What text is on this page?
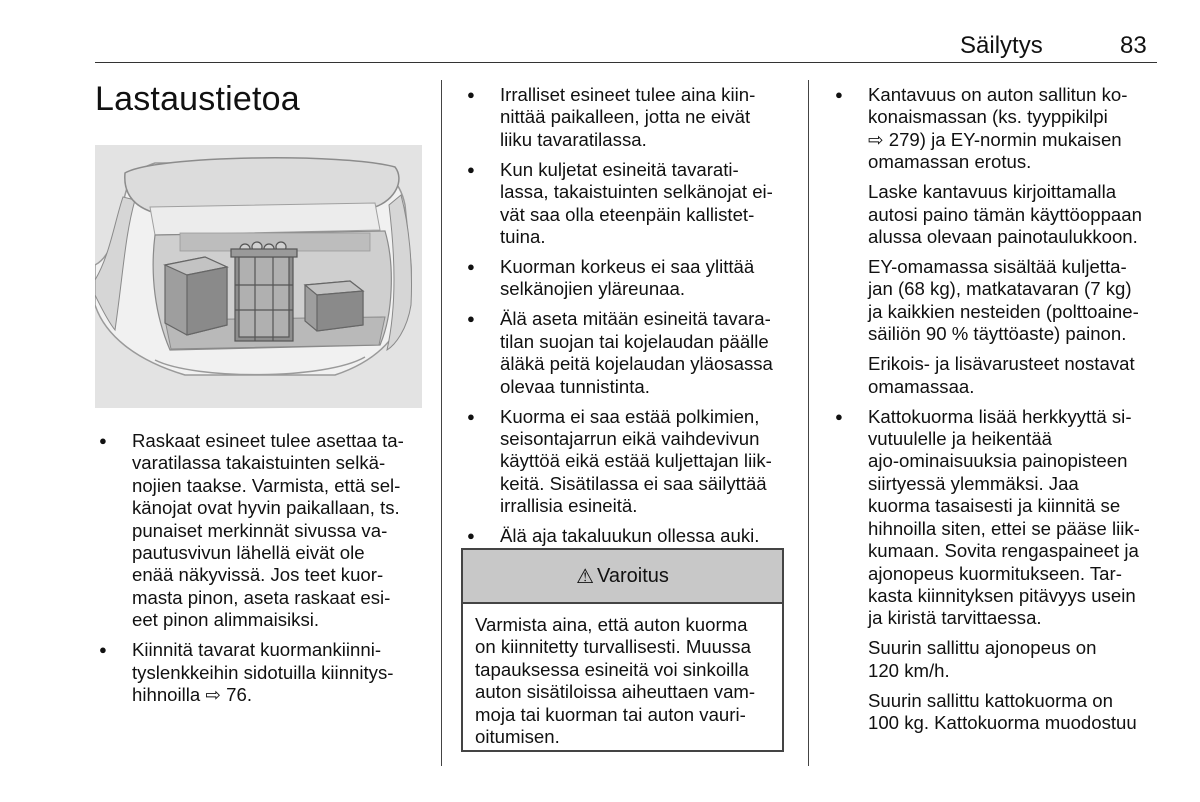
Säilytys	83
Lastaustietoa
● Raskaat esineet tulee asettaa ta-
varatilassa takaistuinten selkä-
nojien taakse. Varmista, että sel-
känojat ovat hyvin paikallaan, ts.
punaiset merkinnät sivussa va-
pautusvivun lähellä eivät ole
enää näkyvissä. Jos teet kuor-
masta pinon, aseta raskaat esi-
eet pinon alimmaisiksi.
● Kiinnitä tavarat kuormankiinni-
tyslenkkeihin sidotuilla kiinnitys-
hihnoilla ⇨ 76.
● Irralliset esineet tulee aina kiin-
nittää paikalleen, jotta ne eivät
liiku tavaratilassa.
● Kun kuljetat esineitä tavarati-
lassa, takaistuinten selkänojat ei-
vät saa olla eteenpäin kallistet-
tuina.
● Kuorman korkeus ei saa ylittää
selkänojien yläreunaa.
● Älä aseta mitään esineitä tavara-
tilan suojan tai kojelaudan päälle
äläkä peitä kojelaudan yläosassa
olevaa tunnistinta.
● Kuorma ei saa estää polkimien,
seisontajarrun eikä vaihdevivun
käyttöä eikä estää kuljettajan liik-
keitä. Sisätilassa ei saa säilyttää
irrallisia esineitä.
● Älä aja takaluukun ollessa auki.
⚠ Varoitus
Varmista aina, että auton kuorma
on kiinnitetty turvallisesti. Muussa
tapauksessa esineitä voi sinkoilla
auton sisätiloissa aiheuttaen vam-
moja tai kuorman tai auton vauri-
oitumisen.
● Kantavuus on auton sallitun ko-
konaismassan (ks. tyyppikilpi
⇨ 279) ja EY-normin mukaisen
omamassan erotus.
Laske kantavuus kirjoittamalla
autosi paino tämän käyttöoppaan
alussa olevaan painotaulukkoon.
EY-omamassa sisältää kuljetta-
jan (68 kg), matkatavaran (7 kg)
ja kaikkien nesteiden (polttoaine-
säiliön 90 % täyttöaste) painon.
Erikois- ja lisävarusteet nostavat
omamassaa.
● Kattokuorma lisää herkkyyttä si-
vutuulelle ja heikentää
ajo-ominaisuuksia painopisteen
siirtyessä ylemmäksi. Jaa
kuorma tasaisesti ja kiinnitä se
hihnoilla siten, ettei se pääse liik-
kumaan. Sovita rengaspaineet ja
ajonopeus kuormitukseen. Tar-
kasta kiinnityksen pitävyys usein
ja kiristä tarvittaessa.
Suurin sallittu ajonopeus on
120 km/h.
Suurin sallittu kattokuorma on
100 kg. Kattokuorma muodostuu
